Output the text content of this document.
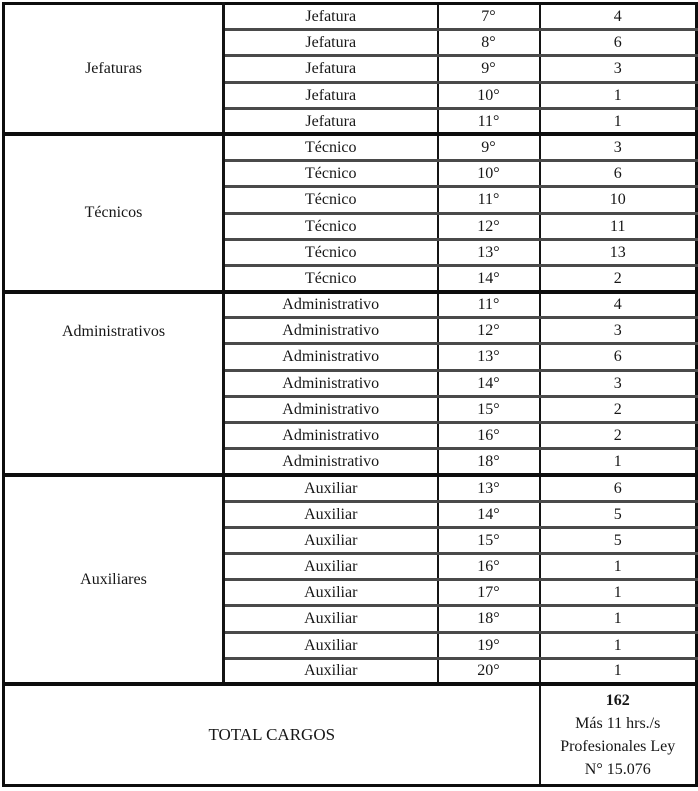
Jefaturas	Jefatura	7°	4
	Jefatura	8°	6
	Jefatura	9°	3
	Jefatura	10°	1
	Jefatura	11°	1
Técnicos	Técnico	9°	3
	Técnico	10°	6
	Técnico	11°	10
	Técnico	12°	11
	Técnico	13°	13
	Técnico	14°	2
Administrativos	Administrativo	11°	4
	Administrativo	12°	3
	Administrativo	13°	6
	Administrativo	14°	3
	Administrativo	15°	2
	Administrativo	16°	2
	Administrativo	18°	1
Auxiliares	Auxiliar	13°	6
	Auxiliar	14°	5
	Auxiliar	15°	5
	Auxiliar	16°	1
	Auxiliar	17°	1
	Auxiliar	18°	1
	Auxiliar	19°	1
	Auxiliar	20°	1
TOTAL CARGOS			162
Más 11 hrs./s
Profesionales Ley
N° 15.076
